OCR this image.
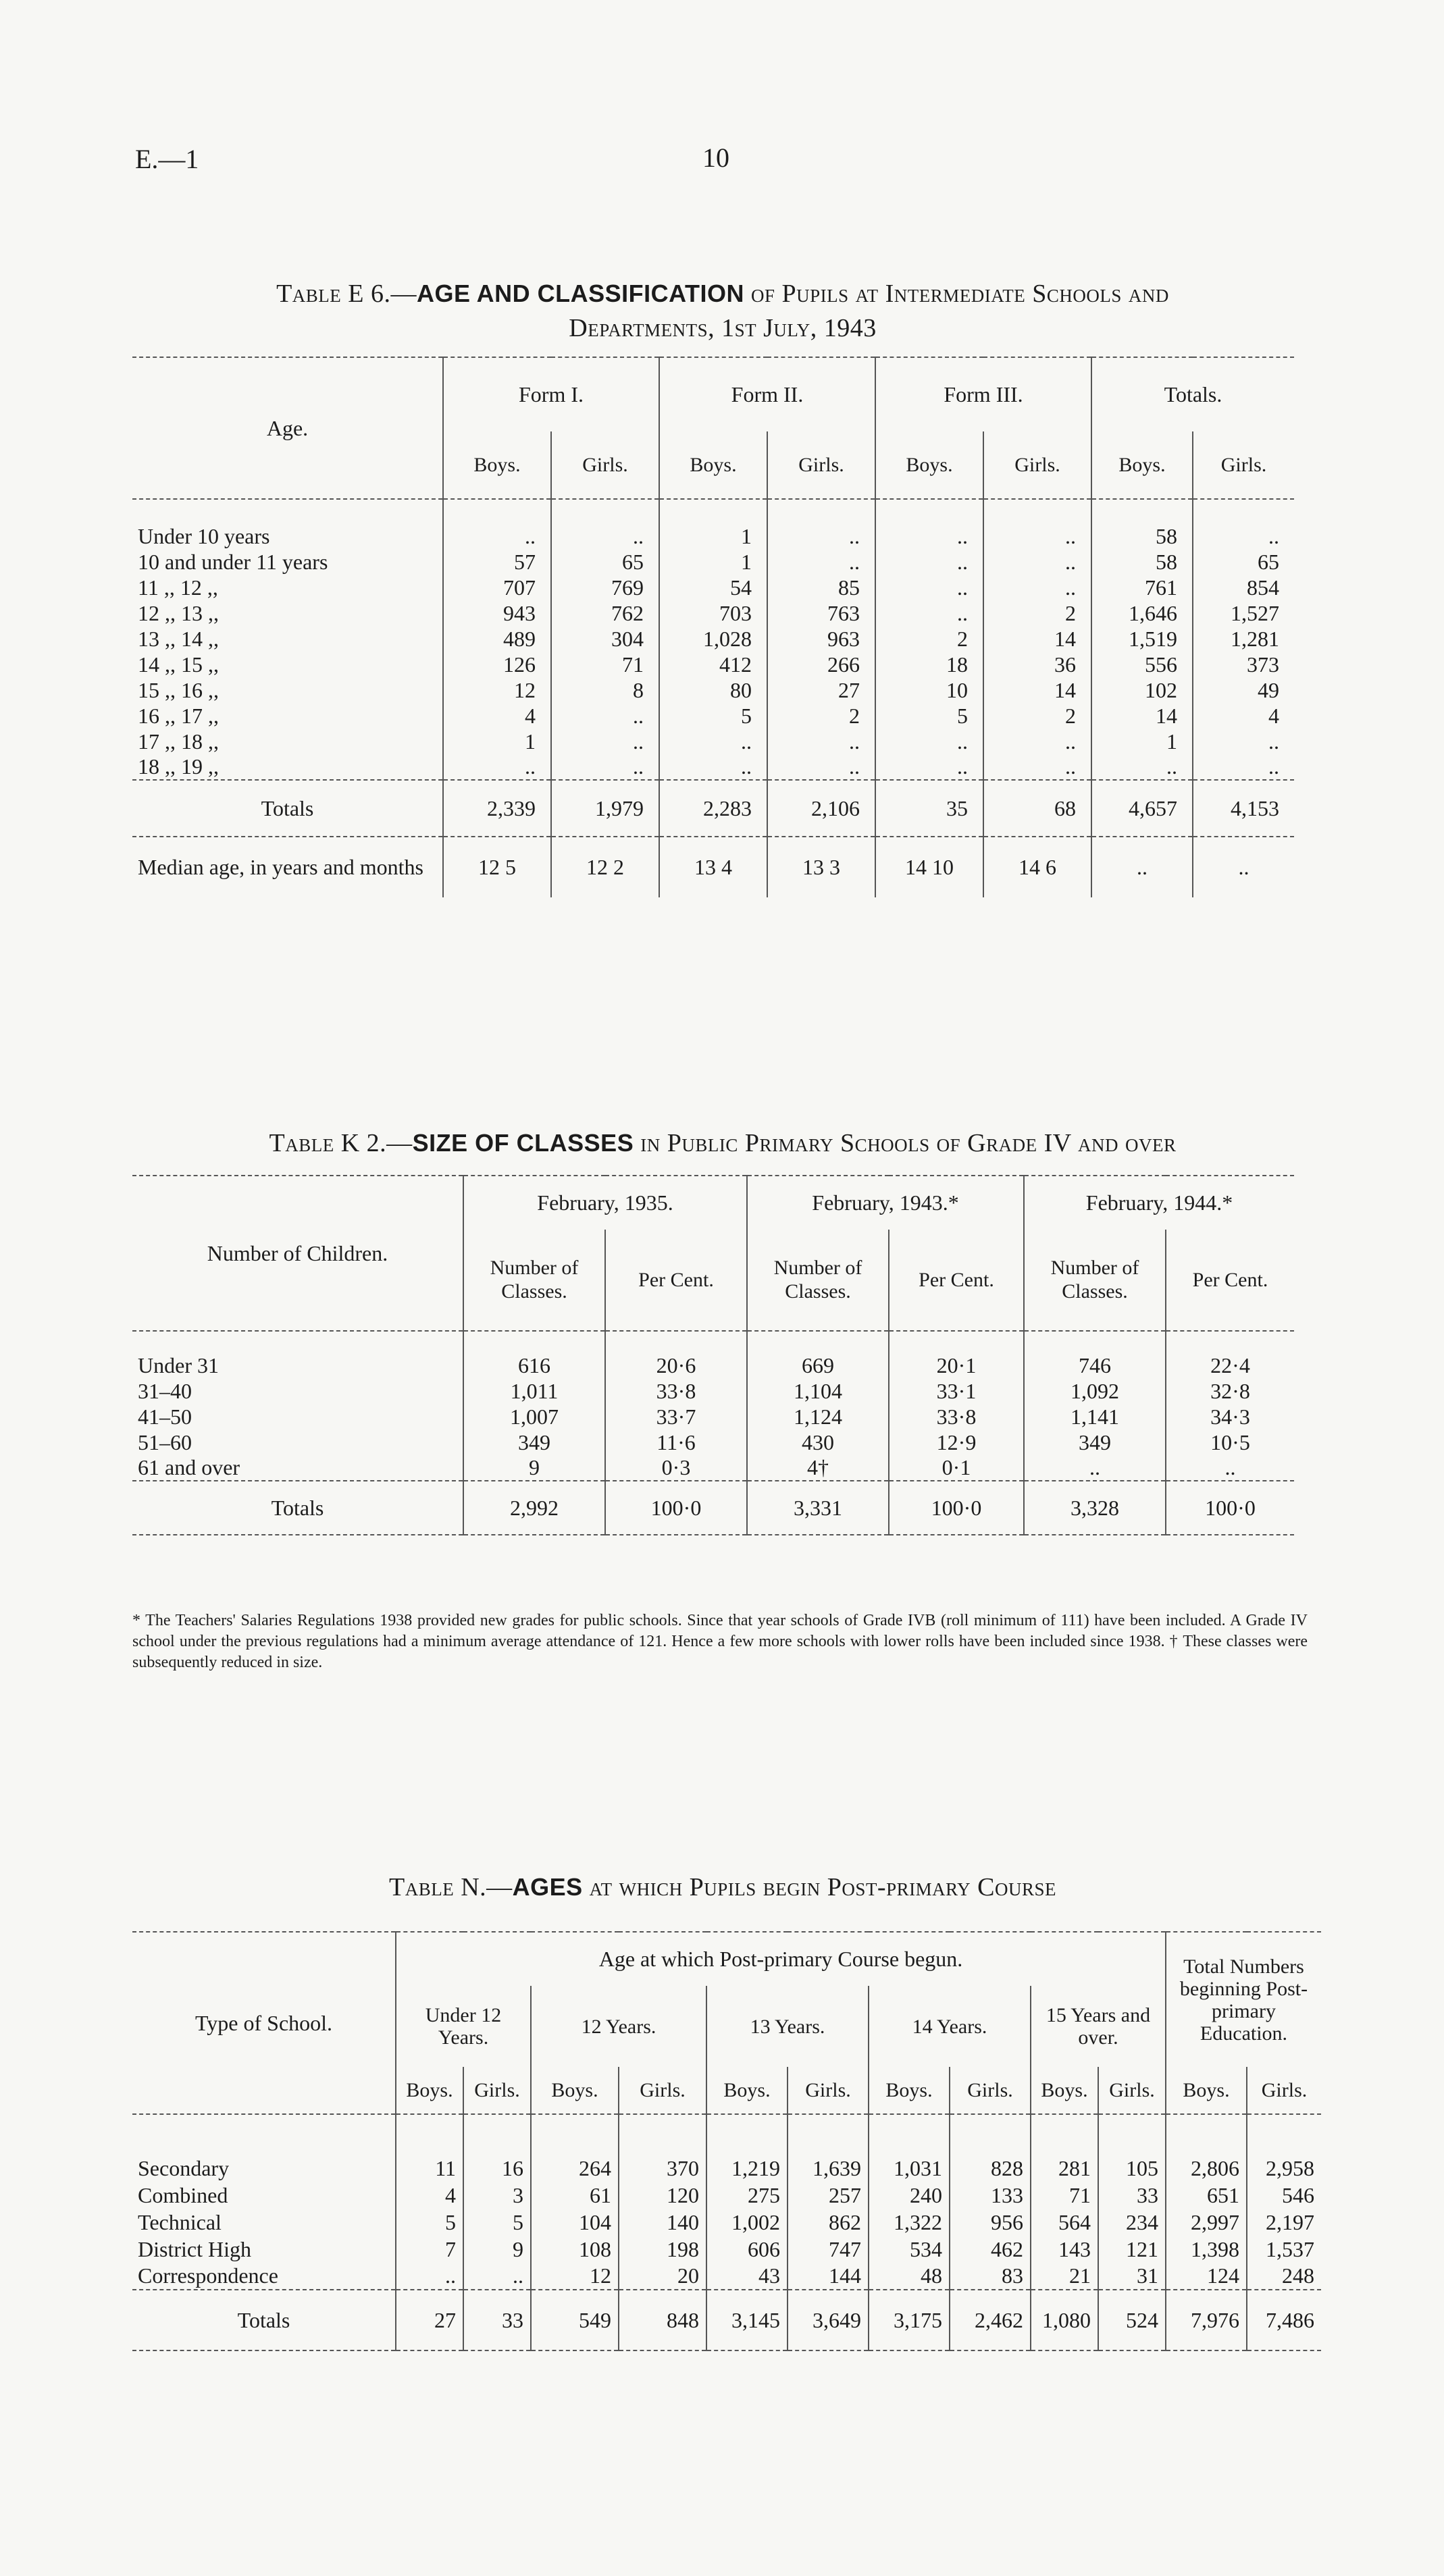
E.—1	10
Table E 6.—AGE AND CLASSIFICATION of Pupils at Intermediate Schools and
Departments, 1st July, 1943
Age.	Form I.		Form II.		Form III.		Totals.	
	Boys.	Girls.	Boys.	Girls.	Boys.	Girls.	Boys.	Girls.

Under 10 years	..	..	1	..	..	..	58	..
10 and under 11 years	57	65	1	..	..	..	58	65
11 ,, 12 ,,	707	769	54	85	..	..	761	854
12 ,, 13 ,,	943	762	703	763	..	2	1,646	1,527
13 ,, 14 ,,	489	304	1,028	963	2	14	1,519	1,281
14 ,, 15 ,,	126	71	412	266	18	36	556	373
15 ,, 16 ,,	12	8	80	27	10	14	102	49
16 ,, 17 ,,	4	..	5	2	5	2	14	4
17 ,, 18 ,,	1	..	..	..	..	..	1	..
18 ,, 19 ,,	..	..	..	..	..	..	..	..
Totals	2,339	1,979	2,283	2,106	35	68	4,657	4,153
Median age, in years and months	12 5	12 2	13 4	13 3	14 10	14 6	..	..
Table K 2.—SIZE OF CLASSES in Public Primary Schools of Grade IV and over
Number of Children.	February, 1935.		February, 1943.*		February, 1944.*	
	Number of Classes.	Per Cent.	Number of Classes.	Per Cent.	Number of Classes.	Per Cent.

Under 31	616	20·6	669	20·1	746	22·4
31–40	1,011	33·8	1,104	33·1	1,092	32·8
41–50	1,007	33·7	1,124	33·8	1,141	34·3
51–60	349	11·6	430	12·9	349	10·5
61 and over	9	0·3	4†	0·1	..	..
Totals	2,992	100·0	3,331	100·0	3,328	100·0
* The Teachers' Salaries Regulations 1938 provided new grades for public schools. Since that year schools of Grade IVB (roll minimum of 111) have been included. A Grade IV school under the previous regulations had a minimum average attendance of 121. Hence a few more schools with lower rolls have been included since 1938. † These classes were subsequently reduced in size.
Table N.—AGES at which Pupils begin Post-primary Course
Type of School.	Age at which Post-primary Course begun.										Total Numbers beginning Post-primary Education.	
	Under 12 Years.		12 Years.		13 Years.		14 Years.		15 Years and over.			
	Boys.	Girls.	Boys.	Girls.	Boys.	Girls.	Boys.	Girls.	Boys.	Girls.	Boys.	Girls.

Secondary	11	16	264	370	1,219	1,639	1,031	828	281	105	2,806	2,958
Combined	4	3	61	120	275	257	240	133	71	33	651	546
Technical	5	5	104	140	1,002	862	1,322	956	564	234	2,997	2,197
District High	7	9	108	198	606	747	534	462	143	121	1,398	1,537
Correspondence	..	..	12	20	43	144	48	83	21	31	124	248
Totals	27	33	549	848	3,145	3,649	3,175	2,462	1,080	524	7,976	7,486
